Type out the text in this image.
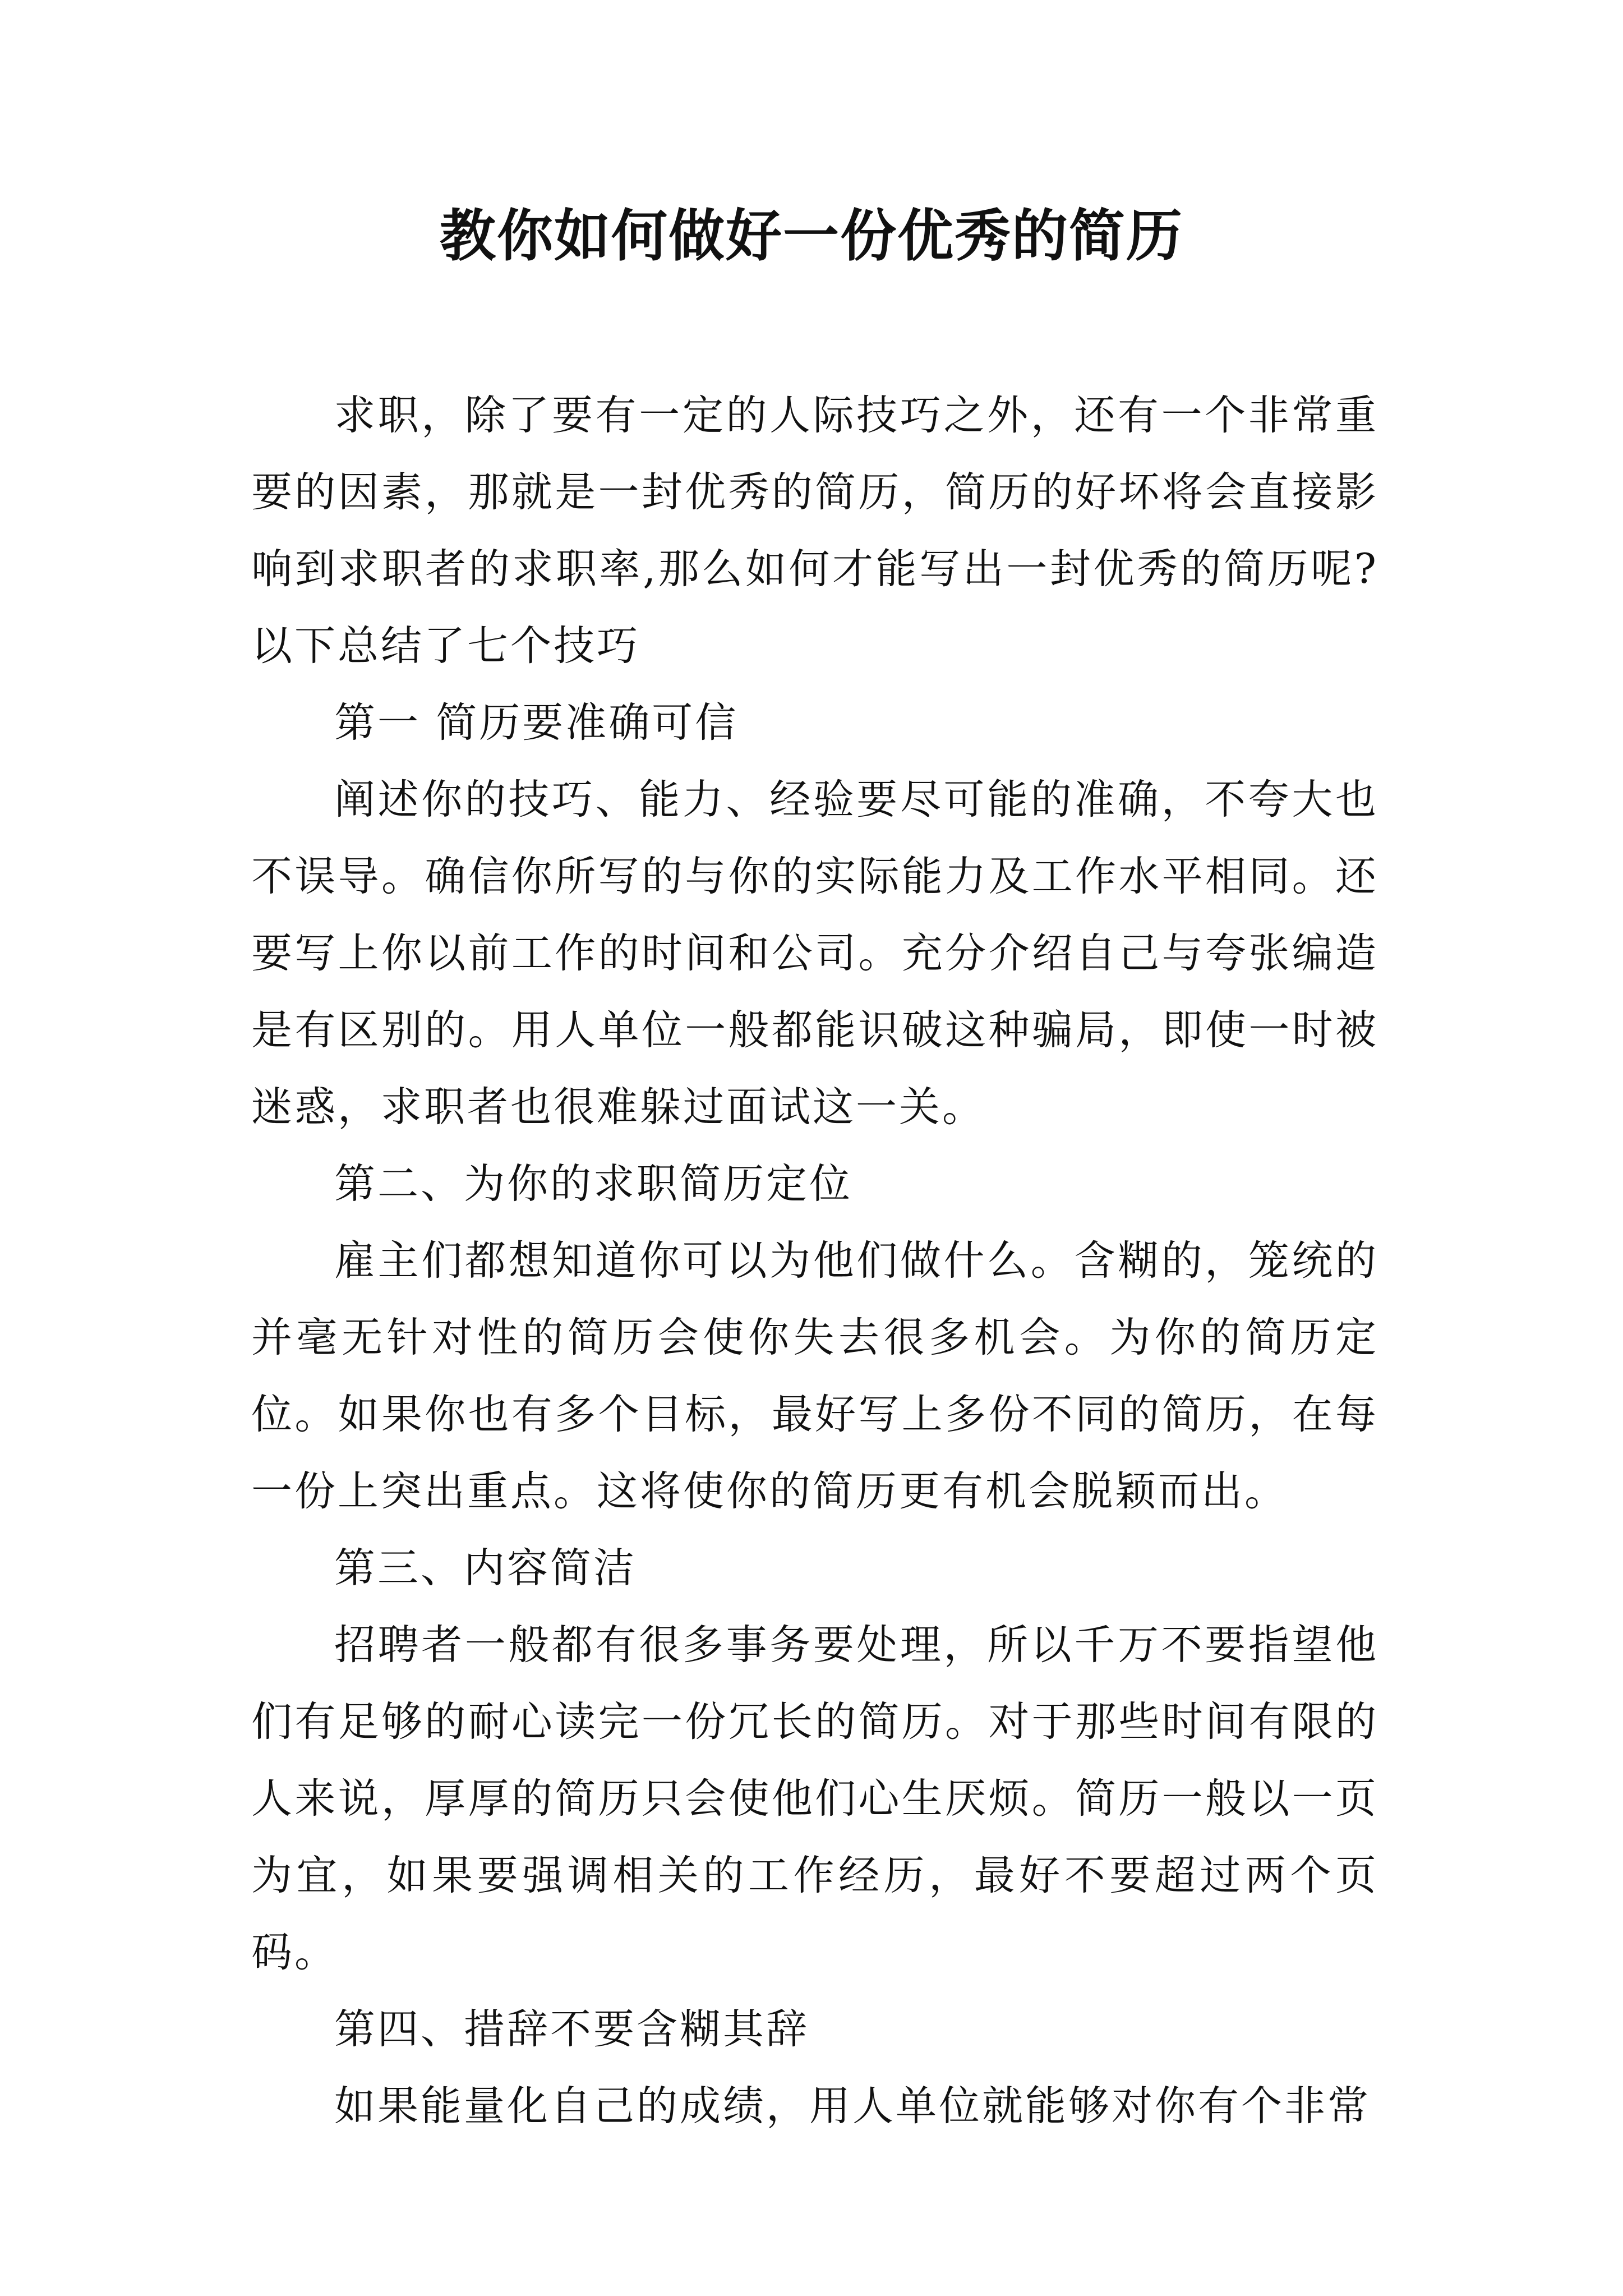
教你如何做好一份优秀的简历

求职，除了要有一定的人际技巧之外，还有一个非常重要的因素，那就是一封优秀的简历，简历的好坏将会直接影响到求职者的求职率,那么如何才能写出一封优秀的简历呢?以下总结了七个技巧

第一 简历要准确可信

阐述你的技巧、能力、经验要尽可能的准确，不夸大也不误导。确信你所写的与你的实际能力及工作水平相同。还要写上你以前工作的时间和公司。充分介绍自己与夸张编造是有区别的。用人单位一般都能识破这种骗局，即使一时被迷惑，求职者也很难躲过面试这一关。

第二、为你的求职简历定位

雇主们都想知道你可以为他们做什么。含糊的，笼统的并毫无针对性的简历会使你失去很多机会。为你的简历定位。如果你也有多个目标，最好写上多份不同的简历，在每一份上突出重点。这将使你的简历更有机会脱颖而出。

第三、内容简洁

招聘者一般都有很多事务要处理，所以千万不要指望他们有足够的耐心读完一份冗长的简历。对于那些时间有限的人来说，厚厚的简历只会使他们心生厌烦。简历一般以一页为宜，如果要强调相关的工作经历，最好不要超过两个页码。

第四、措辞不要含糊其辞

如果能量化自己的成绩，用人单位就能够对你有个非常
